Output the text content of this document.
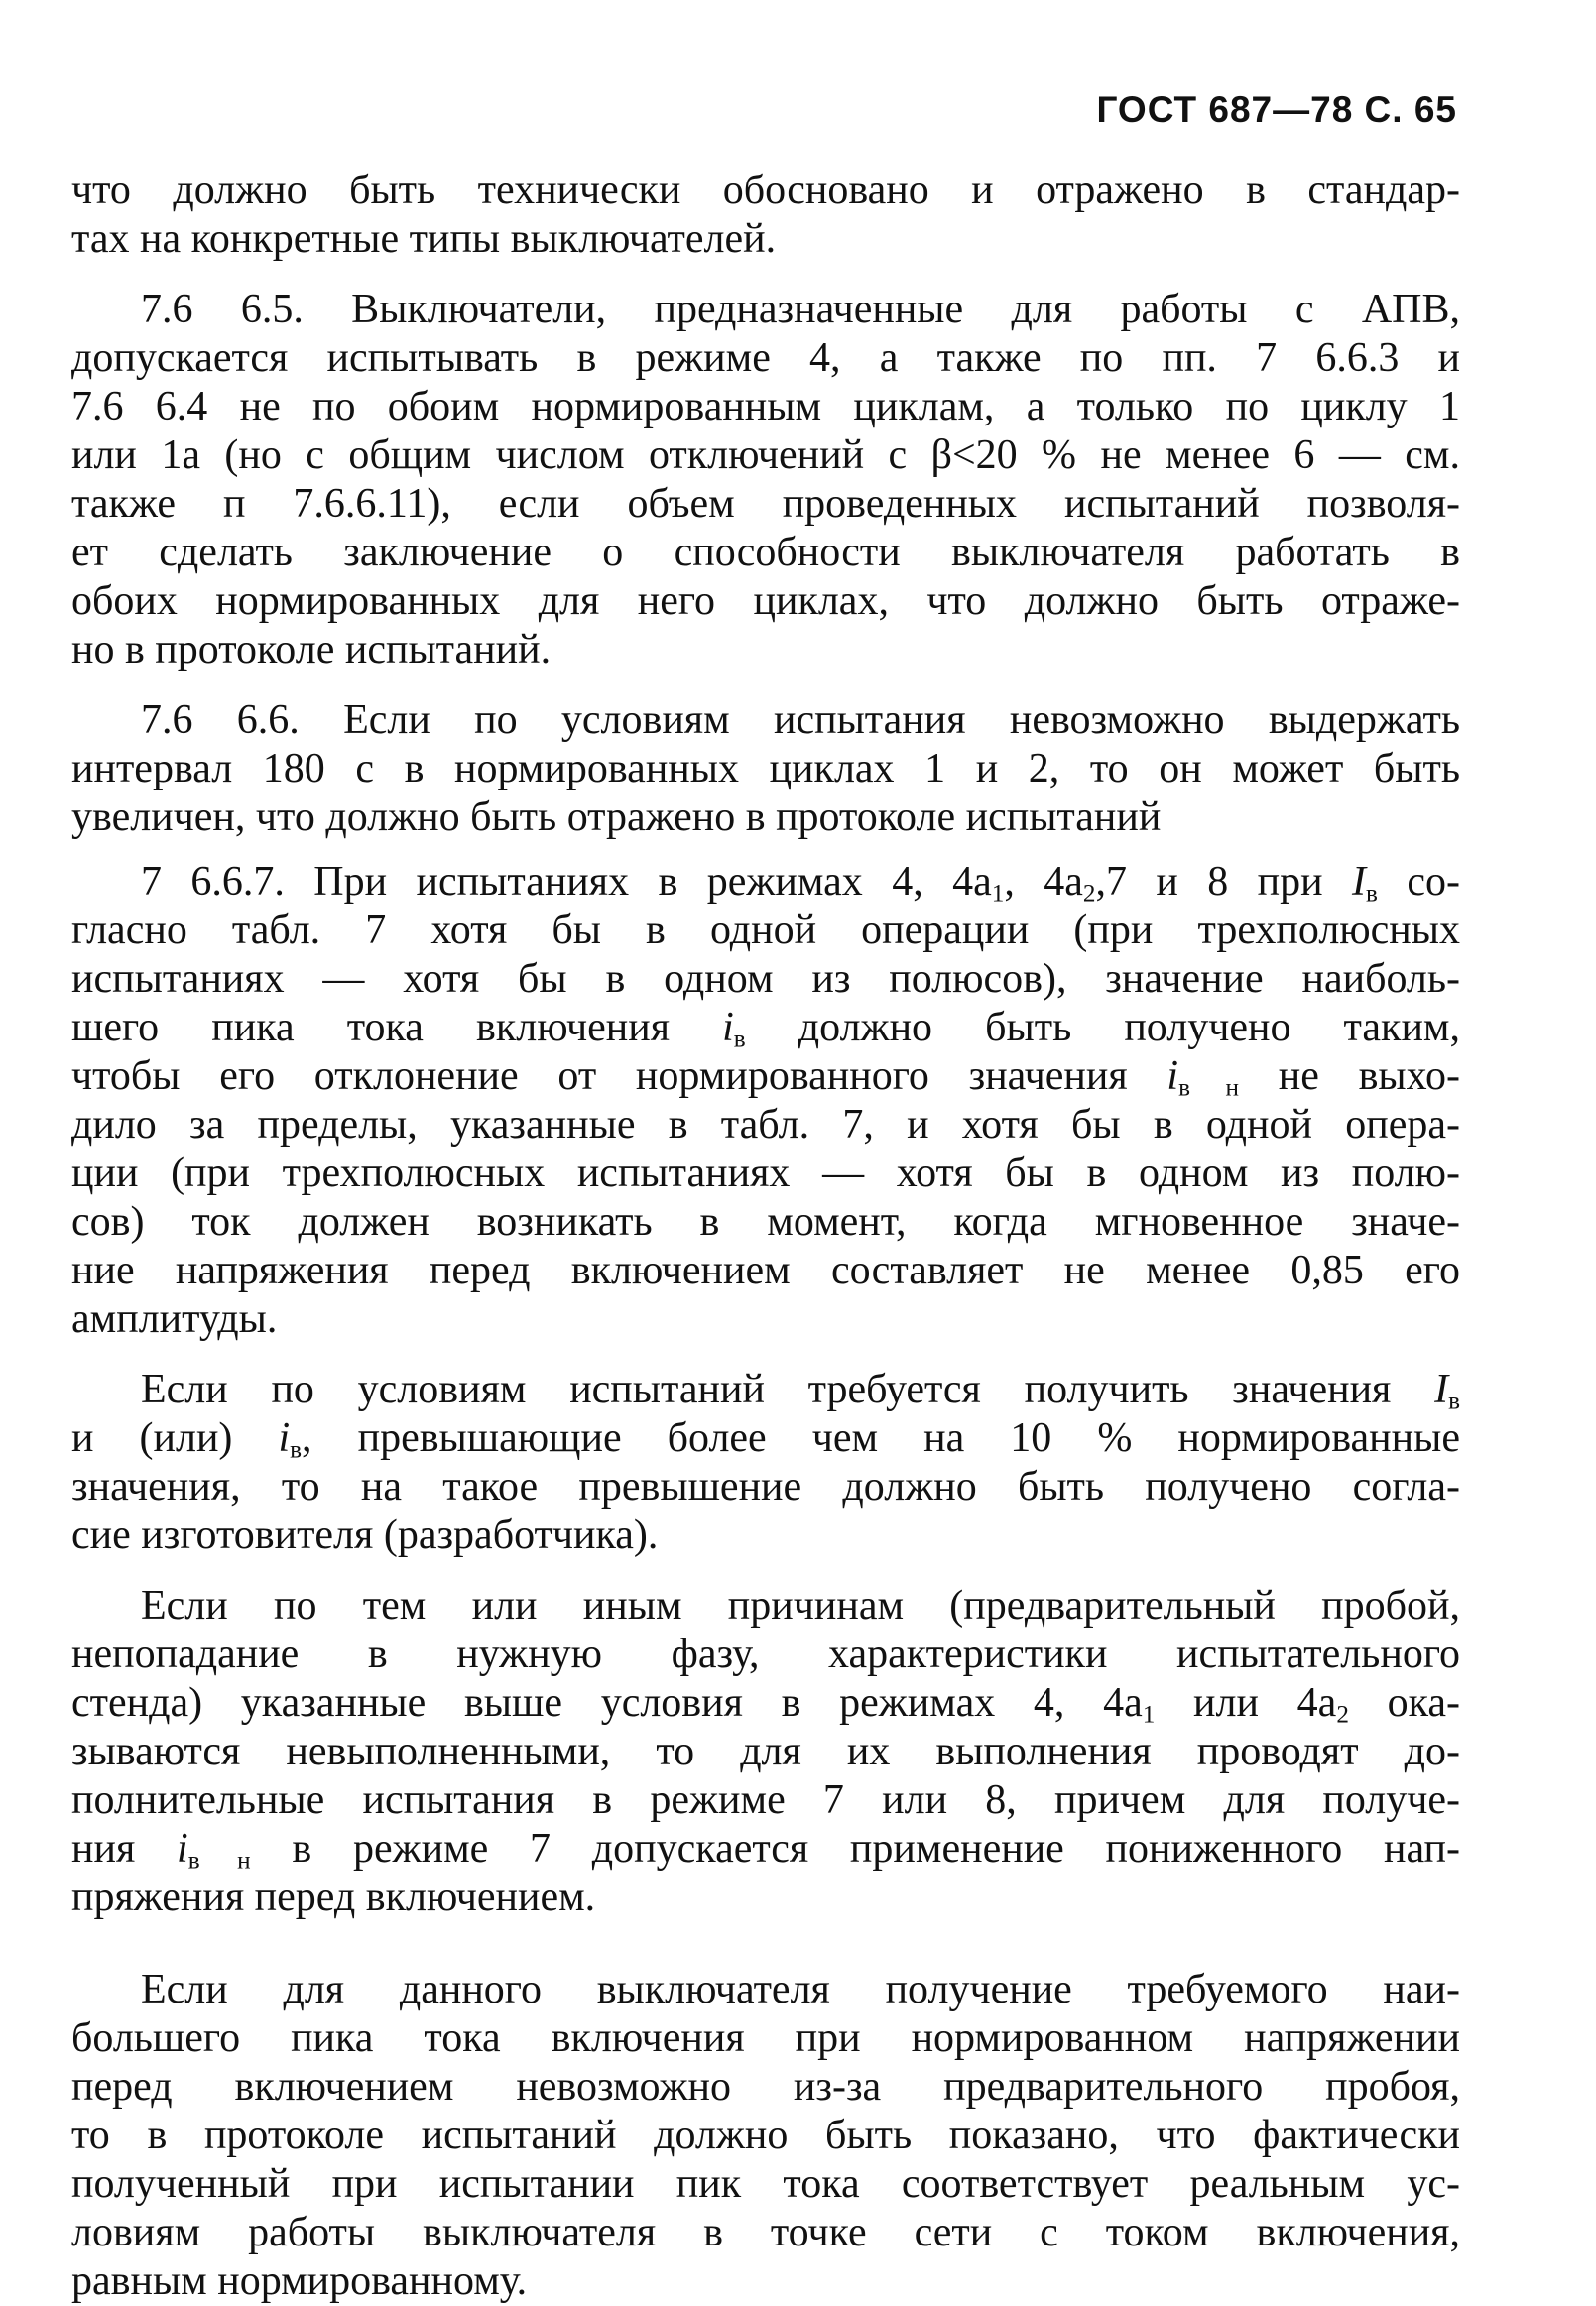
ГОСТ 687—78 С. 65
что должно быть технически обосновано и отражено в стандар-
тах на конкретные типы выключателей.
7.6 6.5. Выключатели, предназначенные для работы с АПВ,
допускается испытывать в режиме 4, а также по пп. 7 6.6.3 и
7.6 6.4 не по обоим нормированным циклам, а только по циклу 1
или 1а (но с общим числом отключений с β<20 % не менее 6 — см.
также п 7.6.6.11), если объем проведенных испытаний позволя-
ет сделать заключение о способности выключателя работать в
обоих нормированных для него циклах, что должно быть отраже-
но в протоколе испытаний.
7.6 6.6. Если по условиям испытания невозможно выдержать
интервал 180 с в нормированных циклах 1 и 2, то он может быть
увеличен, что должно быть отражено в протоколе испытаний
7 6.6.7. При испытаниях в режимах 4, $4а_1$, $4а_2,7$ и 8 при $I_в$ со-
гласно табл. 7 хотя бы в одной операции (при трехполюсных
испытаниях — хотя бы в одном из полюсов), значение наиболь-
шего пика тока включения $i_в$ должно быть получено таким,
чтобы его отклонение от нормированного значения $i_{в н}$ не выхо-
дило за пределы, указанные в табл. 7, и хотя бы в одной опера-
ции (при трехполюсных испытаниях — хотя бы в одном из полю-
сов) ток должен возникать в момент, когда мгновенное значе-
ние напряжения перед включением составляет не менее 0,85 его
амплитуды.
Если по условиям испытаний требуется получить значения $I_в$
и (или) $i_в$, превышающие более чем на 10 % нормированные
значения, то на такое превышение должно быть получено согла-
сие изготовителя (разработчика).
Если по тем или иным причинам (предварительный пробой,
непопадание в нужную фазу, характеристики испытательного
стенда) указанные выше условия в режимах 4, $4а_1$ или $4а_2$ ока-
зываются невыполненными, то для их выполнения проводят до-
полнительные испытания в режиме 7 или 8, причем для получе-
ния $i_{в н}$ в режиме 7 допускается применение пониженного нап-
пряжения перед включением.
Если для данного выключателя получение требуемого наи-
большего пика тока включения при нормированном напряжении
перед включением невозможно из-за предварительного пробоя,
то в протоколе испытаний должно быть показано, что фактически
полученный при испытании пик тока соответствует реальным ус-
ловиям работы выключателя в точке сети с током включения,
равным нормированному.
